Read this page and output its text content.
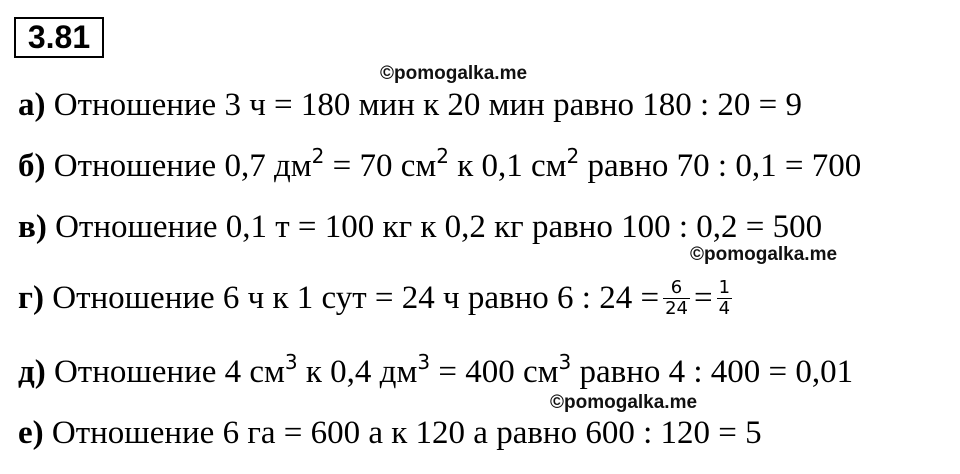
3.81
©pomogalka.me
©pomogalka.me
©pomogalka.me
а) Отношение 3 ч = 180 мин к 20 мин равно 180 : 20 = 9
б) Отношение 0,7 $дм^2 = 70$ $см^2$ к 0,1 $см^2$ равно 70 : 0,1 = 700
в) Отношение 0,1 т = 100 кг к 0,2 кг равно 100 : 0,2 = 500
г) Отношение 6 ч к 1 сут = 24 ч равно 6 : $24 = \frac{6}{24} = \frac{1}{4}$
д) Отношение 4 $см^3$ к 0,4 $дм^3 = 400$ $см^3$ равно 4 : 400 = 0,01
е) Отношение 6 га = 600 а к 120 а равно 600 : 120 = 5
